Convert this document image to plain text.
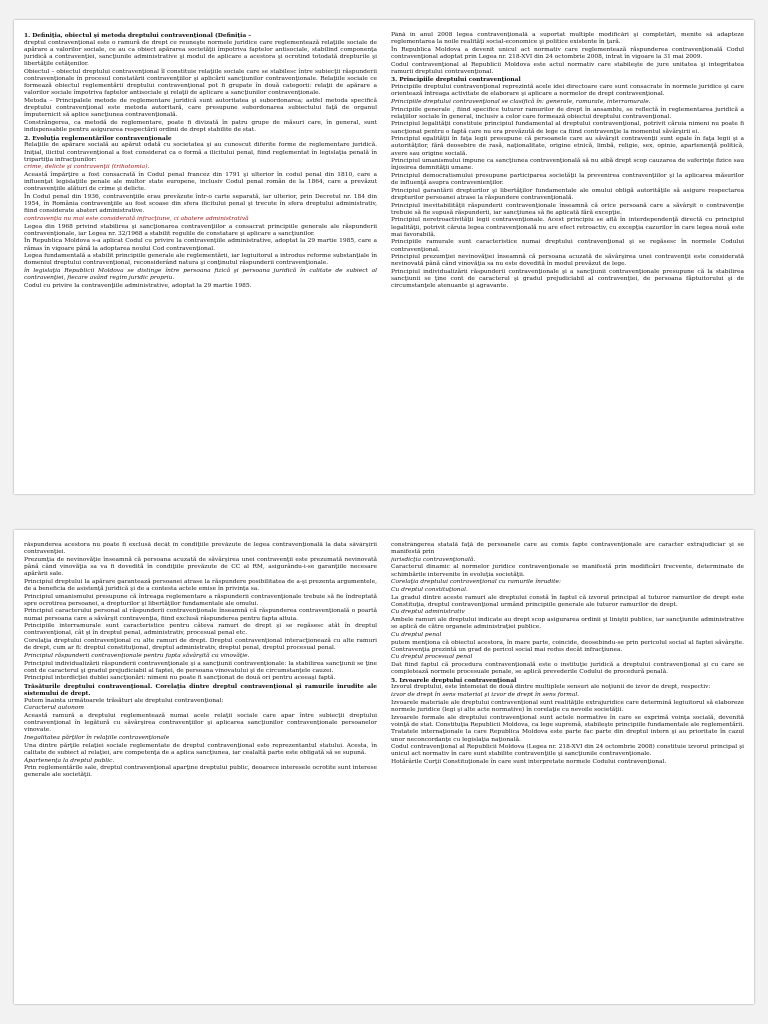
1. Definiţia, obiectul şi metoda dreptului contravenţional (Definiţia –

dreptul contravenţional este o ramură de drept ce reuneşte normele juridice care reglementează relaţiile sociale de apărare a valorilor sociale, ce au ca obiect apărarea societăţii împotriva faptelor antisociale, stabilind componenţa juridică a contravenţiei, sancţiunile administrative şi modul de aplicare a acestora şi ocrotind totodată drepturile şi libertăţile cetăţenilor.

Obiectul – obiectul dreptului contravenţional îl constituie relaţiile sociale care se stabilesc între subiecţii răspunderii contravenţionale în procesul constatării contravenţiilor şi aplicării sancţiunilor contravenţionale. Relaţiile sociale ce formează obiectul reglementării dreptului contravenţional pot fi grupate în două categorii: relaţii de apărare a valorilor sociale împotriva faptelor antisociale şi relaţii de aplicare a sancţiunilor contravenţionale.

Metoda – Principalele metode de reglementare juridică sunt autoritatea şi subordonarea; astfel metoda specifică dreptului contravenţional este metoda autoritară, care presupune subordonarea subiectului faţă de organul împuternicit să aplice sancţiunea contravenţională.

Constrângerea, ca metodă de reglementare, poate fi divizată în patru grupe de măsuri care, în general, sunt indispensabile pentru asigurarea respectării ordinii de drept stabilite de stat.

2. Evoluţia reglementărilor contravenţionale

Relaţiile de apărare socială au apărut odată cu societatea şi au cunoscut diferite forme de reglementare juridică. Iniţial, ilicitul contravenţional a fost considerat ca o formă a ilicitului penal, fiind reglementat în legislaţia penală în tripartiţia infracţiunilor:

crime, delicte şi contravenţii (trihotomia).

Această împărţire a fost consacrată în Codul penal francez din 1791 şi ulterior în codul penal din 1810, care a influenţat legislaţiile penale ale multor state europene, inclusiv Codul penal român de la 1864, care a prevăzut contravenţiile alături de crime şi delicte.

În Codul penal din 1936, contravenţiile erau prevăzute într-o carte separată, iar ulterior, prin Decretul nr. 184 din 1954, în România contravenţiile au fost scoase din sfera ilicitului penal şi trecute în sfera dreptului administrativ, fiind considerate abateri administrative.

contravenţia nu mai este considerată infracţiune, ci abatere administrativă

Legea din 1968 privind stabilirea şi sancţionarea contravenţiilor a consacrat principiile generale ale răspunderii contravenţionale, iar Legea nr. 32/1968 a stabilit regulile de constatare şi aplicare a sancţiunilor.

În Republica Moldova s-a aplicat Codul cu privire la contravenţiile administrative, adoptat la 29 martie 1985, care a rămas în vigoare până la adoptarea noului Cod contravenţional.

Legea fundamentală a stabilit principiile generale ale reglementării, iar legiuitorul a introdus reforme substanţiale în domeniul dreptului contravenţional, reconsiderând natura şi conţinutul răspunderii contravenţionale.

în legislaţia Republicii Moldova se distinge între persoana fizică şi persoana juridică în calitate de subiect al contravenţiei, fiecare având regim juridic propriu.

Codul cu privire la contravenţiile administrative, adoptat la 29 martie 1985.

Până în anul 2008 legea contravenţională a suportat multiple modificări şi completări, menite să adapteze reglementarea la noile realităţi social-economice şi politice existente în ţară.

În Republica Moldova a devenit unicul act normativ care reglementează răspunderea contravenţională Codul contravenţional adoptat prin Legea nr. 218-XVI din 24 octombrie 2008, intrat în vigoare la 31 mai 2009.

Codul contravenţional al Republicii Moldova este actul normativ care stabileşte de jure unitatea şi integritatea ramurii dreptului contravenţional.

3. Principiile dreptului contravenţional

Principiile dreptului contravenţional reprezintă acele idei directoare care sunt consacrate în normele juridice şi care orientează întreaga activitate de elaborare şi aplicare a normelor de drept contravenţional.

Principiile dreptului contravenţional se clasifică în: generale, ramurale, interramurale.

Principiile generale , fiind specifice tuturor ramurilor de drept în ansamblu, se reflectă în reglementarea juridică a relaţiilor sociale în general, inclusiv a celor care formează obiectul dreptului contravenţional.

Principiul legalităţii constituie principiul fundamental al dreptului contravenţional, potrivit căruia nimeni nu poate fi sancţionat pentru o faptă care nu era prevăzută de lege ca fiind contravenţie la momentul săvârşirii ei.

Principiul egalităţii în faţa legii presupune că persoanele care au săvârşit contravenţii sunt egale în faţa legii şi a autorităţilor, fără deosebire de rasă, naţionalitate, origine etnică, limbă, religie, sex, opinie, apartenenţă politică, avere sau origine socială.

Principiul umanismului impune ca sancţiunea contravenţională să nu aibă drept scop cauzarea de suferinţe fizice sau înjosirea demnităţii umane.

Principiul democratismului presupune participarea societăţii la prevenirea contravenţiilor şi la aplicarea măsurilor de influenţă asupra contravenienţilor.

Principiul garantării drepturilor şi libertăţilor fundamentale ale omului obligă autorităţile să asigure respectarea drepturilor persoanei atrase la răspundere contravenţională.

Principiul inevitabilităţii răspunderii contravenţionale înseamnă că orice persoană care a săvârşit o contravenţie trebuie să fie supusă răspunderii, iar sancţiunea să fie aplicată fără excepţie.

Principiul neretroactivităţii legii contravenţionale. Acest principiu se află în interdependenţă directă cu principiul legalităţii, potrivit căruia legea contravenţională nu are efect retroactiv, cu excepţia cazurilor în care legea nouă este mai favorabilă.

Principiile ramurale sunt caracteristice numai dreptului contravenţional şi se regăsesc în normele Codului contravenţional.

Principiul prezumţiei nevinovăţiei înseamnă că persoana acuzată de săvârşirea unei contravenţii este considerată nevinovată până când vinovăţia sa nu este dovedită în modul prevăzut de lege.

Principiul individualizării răspunderii contravenţionale şi a sancţiunii contravenţionale presupune că la stabilirea sancţiunii se ţine cont de caracterul şi gradul prejudiciabil al contravenţiei, de persoana făptuitorului şi de circumstanţele atenuante şi agravante.

răspunderea acestora nu poate fi exclusă decât în condiţiile prevăzute de legea contravenţională la data săvârşirii contravenţiei.

Prezumţia de nevinovăţie înseamnă că persoana acuzată de săvârşirea unei contravenţii este prezumată nevinovată până când vinovăţia sa va fi dovedită în condiţiile prevăzute de CC al RM, asigurându-i-se garanţiile necesare apărării sale.

Principiul dreptului la apărare garantează persoanei atrase la răspundere posibilitatea de a-şi prezenta argumentele, de a beneficia de asistenţă juridică şi de a contesta actele emise în privinţa sa.

Principiul umanismului presupune că întreaga reglementare a răspunderii contravenţionale trebuie să fie îndreptată spre ocrotirea persoanei, a drepturilor şi libertăţilor fundamentale ale omului.

Principiul caracterului personal al răspunderii contravenţionale înseamnă că răspunderea contravenţională o poartă numai persoana care a săvârşit contravenţia, fiind exclusă răspunderea pentru fapta altuia.

Principiile interramurale sunt caracteristice pentru câteva ramuri de drept şi se regăsesc atât în dreptul contravenţional, cât şi în dreptul penal, administrativ, procesual penal etc.

Corelaţia dreptului contravenţional cu alte ramuri de drept. Dreptul contravenţional interacţionează cu alte ramuri de drept, cum ar fi: dreptul constituţional, dreptul administrativ, dreptul penal, dreptul procesual penal.

Principiul răspunderii contravenţionale pentru fapta săvârşită cu vinovăţie.

Principiul individualizării răspunderii contravenţionale şi a sancţiunii contravenţionale: la stabilirea sancţiunii se ţine cont de caracterul şi gradul prejudiciabil al faptei, de persoana vinovatului şi de circumstanţele cauzei.

Principiul interdicţiei dublei sancţionări: nimeni nu poate fi sancţionat de două ori pentru aceeaşi faptă.

Trăsăturile dreptului contravenţional. Corelaţia dintre dreptul contravenţional şi ramurile înrudite ale sistemului de drept.

Putem înainta următoarele trăsături ale dreptului contravenţional:

Caracterul autonom

Această ramură a dreptului reglementează numai acele relaţii sociale care apar între subiecţii dreptului contravenţional în legătură cu săvârşirea contravenţiilor şi aplicarea sancţiunilor contravenţionale persoanelor vinovate.

Inegalitatea părţilor în relaţiile contravenţionale

Una dintre părţile relaţiei sociale reglementate de dreptul contravenţional este reprezentantul statului. Acesta, în calitate de subiect al relaţiei, are competenţa de a aplica sancţiunea, iar cealaltă parte este obligată să se supună.

Apartenenţa la dreptul public.

Prin reglementările sale, dreptul contravenţional aparţine dreptului public, deoarece interesele ocrotite sunt interese generale ale societăţii.

constrângerea statală faţă de persoanele care au comis fapte contravenţionale are caracter extrajudiciar şi se manifestă prin

jurisdicţia contravenţională.

Caracterul dinamic al normelor juridice contravenţionale se manifestă prin modificări frecvente, determinate de schimbările intervenite în evoluţia societăţii.

Corelaţia dreptului contravenţional cu ramurile înrudite:

Cu dreptul constituţional.

La gradul dintre aceste ramuri ale dreptului constă în faptul că izvorul principal al tuturor ramurilor de drept este Constituţia, dreptul contravenţional urmând principiile generale ale tuturor ramurilor de drept.

Cu dreptul administrativ

Ambele ramuri ale dreptului indicate au drept scop asigurarea ordinii şi liniştii publice, iar sancţiunile administrative se aplică de către organele administraţiei publice.

Cu dreptul penal

putem menţiona că obiectul acestora, în mare parte, coincide, deosebindu-se prin pericolul social al faptei săvârşite. Contravenţia prezintă un grad de pericol social mai redus decât infracţiunea.

Cu dreptul procesual penal

Dat fiind faptul că procedura contravenţională este o instituţie juridică a dreptului contravenţional şi cu care se completează normele procesuale penale, se aplică prevederile Codului de procedură penală.

5. Izvoarele dreptului contravenţional

Izvorul dreptului, este întemeiat de două dintre multiplele sensuri ale noţiunii de izvor de drept, respectiv:

izvor de drept în sens material şi izvor de drept în sens formal.

Izvoarele materiale ale dreptului contravenţional sunt realităţile extrajuridice care determină legiuitorul să elaboreze normele juridice (legi şi alte acte normative) în corelaţie cu nevoile societăţii.

Izvoarele formale ale dreptului contravenţional sunt actele normative în care se exprimă voinţa socială, devenită voinţă de stat. Constituţia Republicii Moldova, ca lege supremă, stabileşte principiile fundamentale ale reglementării.

Tratatele internaţionale la care Republica Moldova este parte fac parte din dreptul intern şi au prioritate în cazul unor neconcordanţe cu legislaţia naţională.

Codul contravenţional al Republicii Moldova (Legea nr. 218-XVI din 24 octombrie 2008) constituie izvorul principal şi unicul act normativ în care sunt stabilite contravenţiile şi sancţiunile contravenţionale.

Hotărârile Curţii Constituţionale în care sunt interpretate normele Codului contravenţional.
